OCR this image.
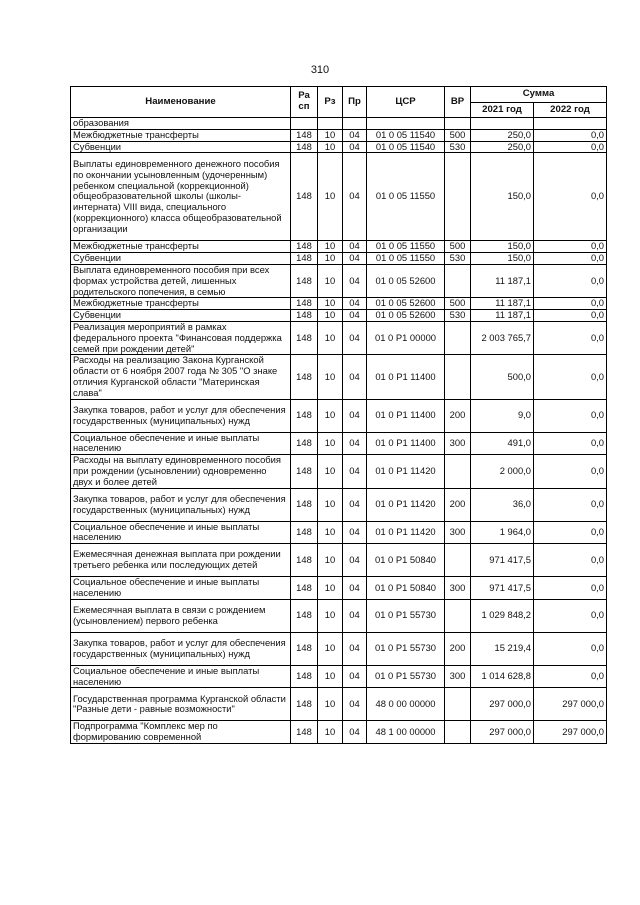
310
Наименование	Ра сп	Рз	Пр	ЦСР	ВР	Сумма	
						2021 год	2022 год
образования							
Межбюджетные трансферты	148	10	04	01 0 05 11540	500	250,0	0,0
Субвенции	148	10	04	01 0 05 11540	530	250,0	0,0
Выплаты единовременного денежного пособия по окончании усыновленным (удочеренным) ребенком специальной (коррекционной) общеобразовательной школы (школы-интерната) VIII вида, специального (коррекционного) класса общеобразовательной организации	148	10	04	01 0 05 11550		150,0	0,0
Межбюджетные трансферты	148	10	04	01 0 05 11550	500	150,0	0,0
Субвенции	148	10	04	01 0 05 11550	530	150,0	0,0
Выплата единовременного пособия при всех формах устройства детей, лишенных родительского попечения, в семью	148	10	04	01 0 05 52600		11 187,1	0,0
Межбюджетные трансферты	148	10	04	01 0 05 52600	500	11 187,1	0,0
Субвенции	148	10	04	01 0 05 52600	530	11 187,1	0,0
Реализация мероприятий в рамках федерального проекта "Финансовая поддержка семей при рождении детей"	148	10	04	01 0 P1 00000		2 003 765,7	0,0
Расходы на реализацию Закона Курганской области от 6 ноября 2007 года № 305 "О знаке отличия Курганской области "Материнская слава"	148	10	04	01 0 P1 11400		500,0	0,0
Закупка товаров, работ и услуг для обеспечения государственных (муниципальных) нужд	148	10	04	01 0 P1 11400	200	9,0	0,0
Социальное обеспечение и иные выплаты населению	148	10	04	01 0 P1 11400	300	491,0	0,0
Расходы на выплату единовременного пособия при рождении (усыновлении) одновременно двух и более детей	148	10	04	01 0 P1 11420		2 000,0	0,0
Закупка товаров, работ и услуг для обеспечения государственных (муниципальных) нужд	148	10	04	01 0 P1 11420	200	36,0	0,0
Социальное обеспечение и иные выплаты населению	148	10	04	01 0 P1 11420	300	1 964,0	0,0
Ежемесячная денежная выплата при рождении третьего ребенка или последующих детей	148	10	04	01 0 P1 50840		971 417,5	0,0
Социальное обеспечение и иные выплаты населению	148	10	04	01 0 P1 50840	300	971 417,5	0,0
Ежемесячная выплата в связи с рождением (усыновлением) первого ребенка	148	10	04	01 0 P1 55730		1 029 848,2	0,0
Закупка товаров, работ и услуг для обеспечения государственных (муниципальных) нужд	148	10	04	01 0 P1 55730	200	15 219,4	0,0
Социальное обеспечение и иные выплаты населению	148	10	04	01 0 P1 55730	300	1 014 628,8	0,0
Государственная программа Курганской области "Разные дети - равные возможности"	148	10	04	48 0 00 00000		297 000,0	297 000,0
Подпрограмма "Комплекс мер по формированию современной	148	10	04	48 1 00 00000		297 000,0	297 000,0
